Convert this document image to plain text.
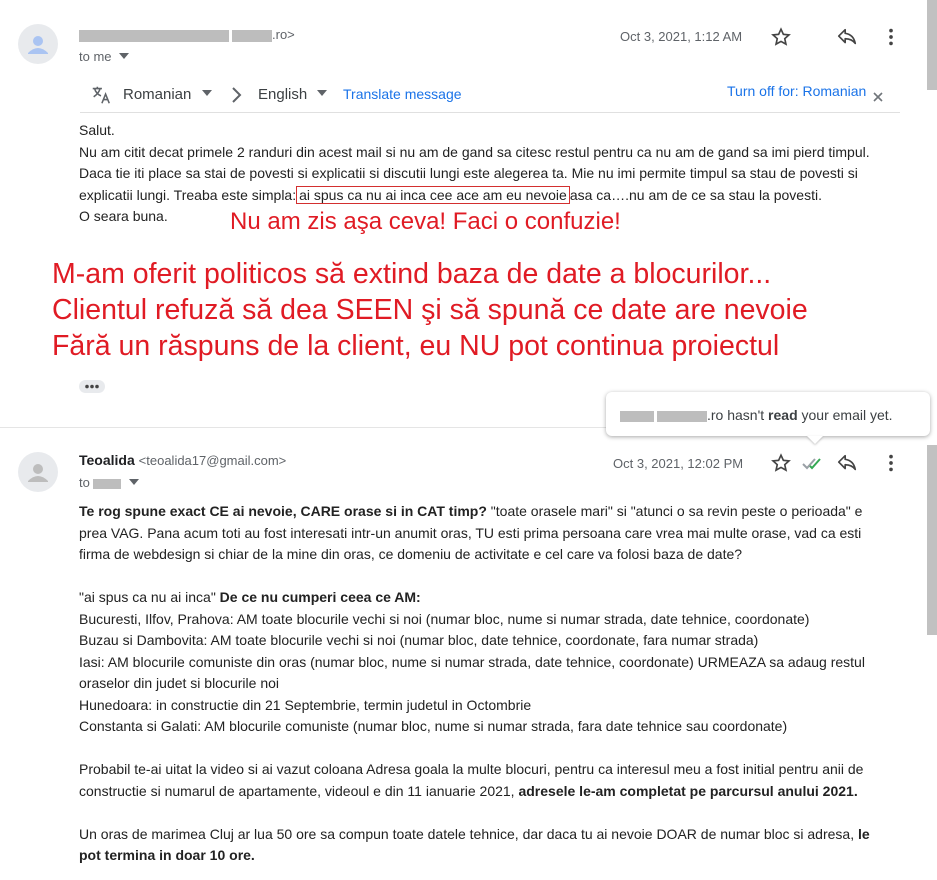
.ro>
to me
Oct 3, 2021, 1:12 AM
Romanian	English	Translate message	Turn off for: Romanian
Salut.
Nu am citit decat primele 2 randuri din acest mail si nu am de gand sa citesc restul pentru ca nu am de gand sa imi pierd timpul.
Daca tie iti place sa stai de povesti si explicatii si discutii lungi este alegerea ta. Mie nu imi permite timpul sa stau de povesti si
explicatii lungi. Treaba este simpla: ai spus ca nu ai inca cee ace am eu nevoie asa ca….nu am de ce sa stau la povesti.
O seara buna.	Nu am zis aşa ceva! Faci o confuzie!
M-am oferit politicos să extind baza de date a blocurilor...
Clientul refuză să dea SEEN şi să spună ce date are nevoie
Fără un răspuns de la client, eu NU pot continua proiectul
.ro hasn't read your email yet.
Teoalida <teoalida17@gmail.com>
to
Oct 3, 2021, 12:02 PM
Te rog spune exact CE ai nevoie, CARE orase si in CAT timp? "toate orasele mari" si "atunci o sa revin peste o perioada" e
prea VAG. Pana acum toti au fost interesati intr-un anumit oras, TU esti prima persoana care vrea mai multe orase, vad ca esti
firma de webdesign si chiar de la mine din oras, ce domeniu de activitate e cel care va folosi baza de date?
"ai spus ca nu ai inca" De ce nu cumperi ceea ce AM:
Bucuresti, Ilfov, Prahova: AM toate blocurile vechi si noi (numar bloc, nume si numar strada, date tehnice, coordonate)
Buzau si Dambovita: AM toate blocurile vechi si noi (numar bloc, date tehnice, coordonate, fara numar strada)
Iasi: AM blocurile comuniste din oras (numar bloc, nume si numar strada, date tehnice, coordonate) URMEAZA sa adaug restul
oraselor din judet si blocurile noi
Hunedoara: in constructie din 21 Septembrie, termin judetul in Octombrie
Constanta si Galati: AM blocurile comuniste (numar bloc, nume si numar strada, fara date tehnice sau coordonate)
Probabil te-ai uitat la video si ai vazut coloana Adresa goala la multe blocuri, pentru ca interesul meu a fost initial pentru anii de
constructie si numarul de apartamente, videoul e din 11 ianuarie 2021, adresele le-am completat pe parcursul anului 2021.
Un oras de marimea Cluj ar lua 50 ore sa compun toate datele tehnice, dar daca tu ai nevoie DOAR de numar bloc si adresa, le
pot termina in doar 10 ore.
